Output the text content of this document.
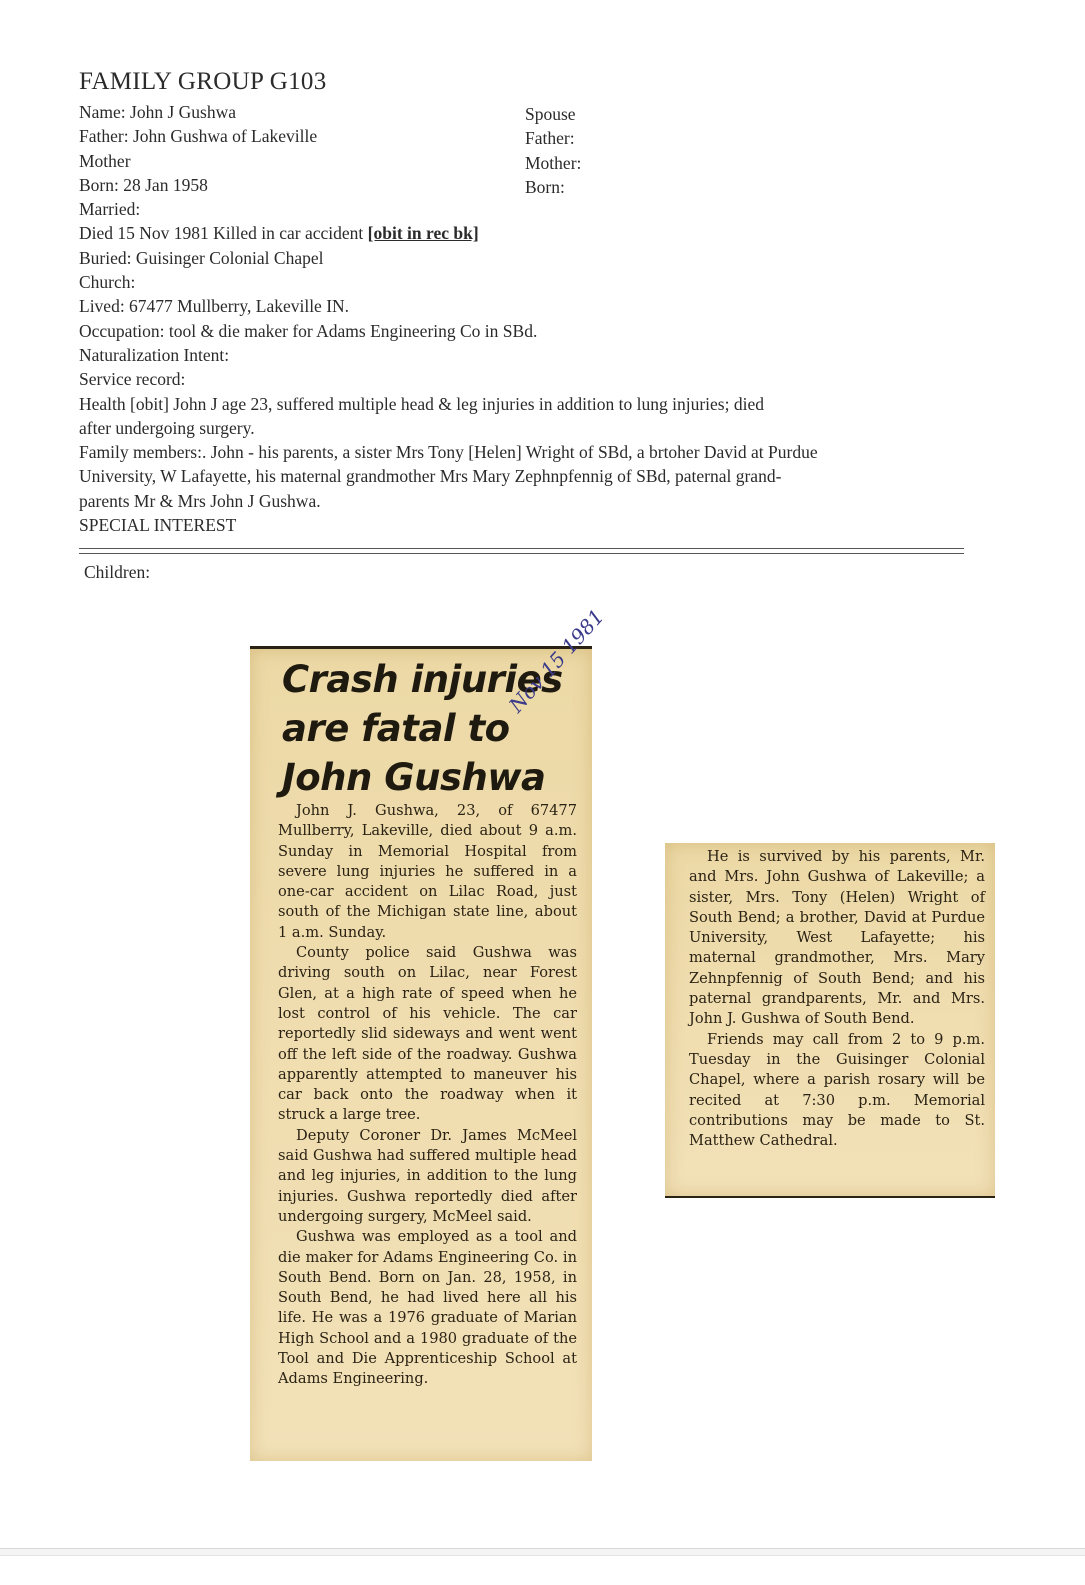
FAMILY GROUP G103
Name: John J Gushwa
Father: John Gushwa of Lakeville
Mother
Born: 28 Jan 1958
Married:
Died 15 Nov 1981 Killed in car accident [obit in rec bk]
Buried: Guisinger Colonial Chapel
Church:
Lived: 67477 Mullberry, Lakeville IN.
Occupation: tool & die maker for Adams Engineering Co in SBd.
Naturalization Intent:
Service record:
Health [obit] John J age 23, suffered multiple head & leg injuries in addition to lung injuries; died
after undergoing surgery.
Family members:. John - his parents, a sister Mrs Tony [Helen] Wright of SBd, a brtoher David at Purdue
University, W Lafayette, his maternal grandmother Mrs Mary Zephnpfennig of SBd, paternal grand-
parents Mr & Mrs John J Gushwa.
SPECIAL INTEREST
Spouse
Father:
Mother:
Born:
Children:
Crash injuries
are fatal to
John Gushwa
Nov 15 1981

John J. Gushwa, 23, of 67477 Mullberry, Lakeville, died about 9 a.m. Sunday in Memorial Hospital from severe lung injuries he suffered in a one-car accident on Lilac Road, just south of the Michigan state line, about 1 a.m. Sunday.

County police said Gushwa was driving south on Lilac, near Forest Glen, at a high rate of speed when he lost control of his vehicle. The car reportedly slid sideways and went went off the left side of the roadway. Gushwa apparently attempted to maneuver his car back onto the roadway when it struck a large tree.

Deputy Coroner Dr. James McMeel said Gushwa had suffered multiple head and leg injuries, in addition to the lung injuries. Gushwa reportedly died after undergoing surgery, McMeel said.

Gushwa was employed as a tool and die maker for Adams Engineering Co. in South Bend. Born on Jan. 28, 1958, in South Bend, he had lived here all his life. He was a 1976 graduate of Marian High School and a 1980 graduate of the Tool and Die Apprenticeship School at Adams Engineering.

He is survived by his parents, Mr. and Mrs. John Gushwa of Lakeville; a sister, Mrs. Tony (Helen) Wright of South Bend; a brother, David at Purdue University, West Lafayette; his maternal grandmother, Mrs. Mary Zehnpfennig of South Bend; and his paternal grandparents, Mr. and Mrs. John J. Gushwa of South Bend.

Friends may call from 2 to 9 p.m. Tuesday in the Guisinger Colonial Chapel, where a parish rosary will be recited at 7:30 p.m. Memorial contributions may be made to St. Matthew Cathedral.
